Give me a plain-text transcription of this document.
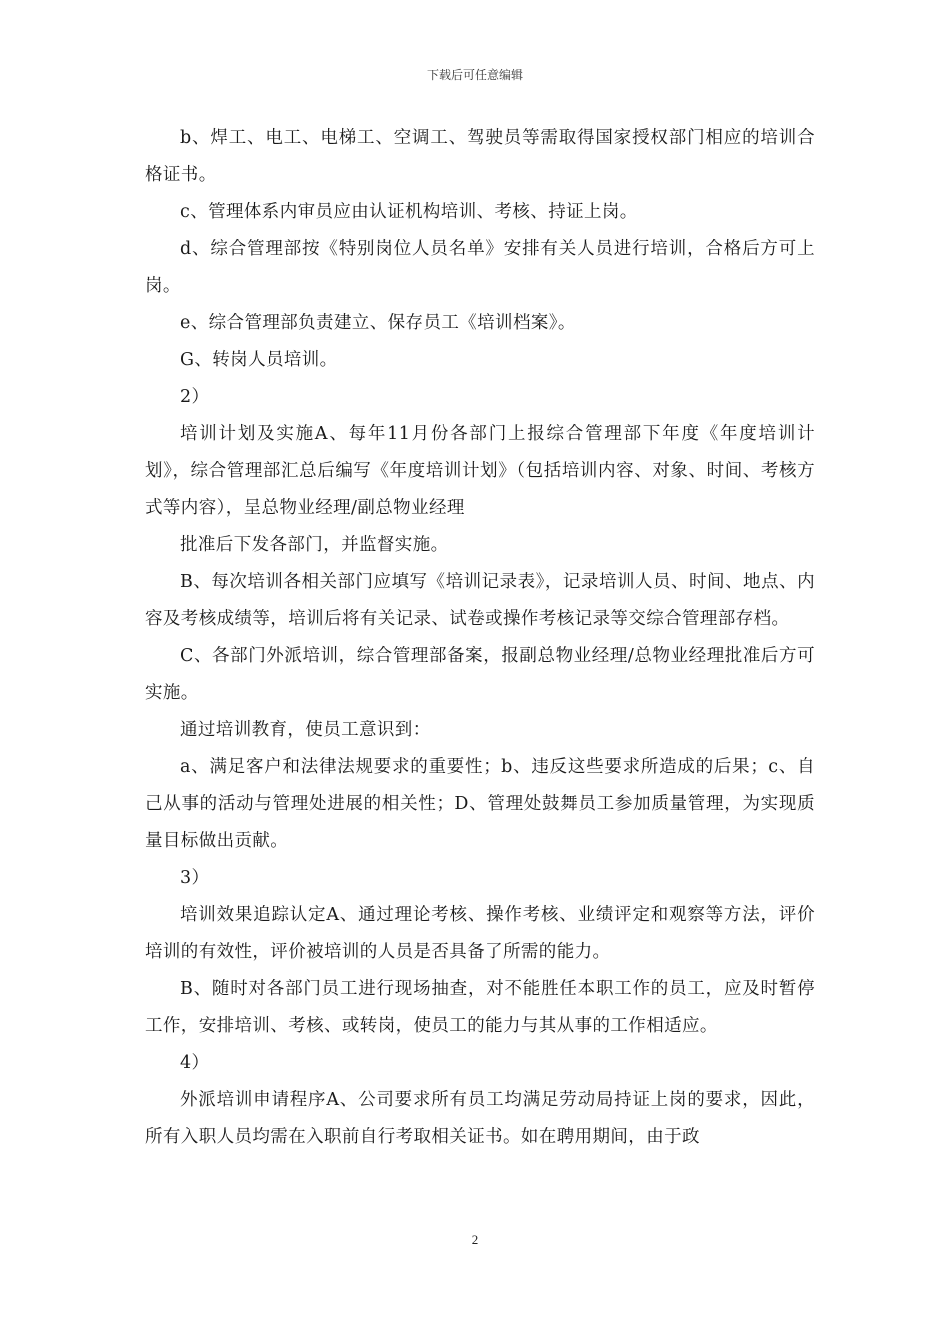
下载后可任意编辑

b、焊工、电工、电梯工、空调工、驾驶员等需取得国家授权部门相应的培训合格证书。

c、管理体系内审员应由认证机构培训、考核、持证上岗。

d、综合管理部按《特别岗位人员名单》安排有关人员进行培训，合格后方可上岗。

e、综合管理部负责建立、保存员工《培训档案》。

G、转岗人员培训。

2）

培训计划及实施A、每年11月份各部门上报综合管理部下年度《年度培训计划》，综合管理部汇总后编写《年度培训计划》（包括培训内容、对象、时间、考核方式等内容），呈总物业经理/副总物业经理

批准后下发各部门，并监督实施。

B、每次培训各相关部门应填写《培训记录表》，记录培训人员、时间、地点、内容及考核成绩等，培训后将有关记录、试卷或操作考核记录等交综合管理部存档。

C、各部门外派培训，综合管理部备案，报副总物业经理/总物业经理批准后方可实施。

通过培训教育，使员工意识到：

a、满足客户和法律法规要求的重要性；b、违反这些要求所造成的后果；c、自己从事的活动与管理处进展的相关性；D、管理处鼓舞员工参加质量管理，为实现质量目标做出贡献。

3）

培训效果追踪认定A、通过理论考核、操作考核、业绩评定和观察等方法，评价培训的有效性，评价被培训的人员是否具备了所需的能力。

B、随时对各部门员工进行现场抽查，对不能胜任本职工作的员工，应及时暂停工作，安排培训、考核、或转岗，使员工的能力与其从事的工作相适应。

4）

外派培训申请程序A、公司要求所有员工均满足劳动局持证上岗的要求，因此，所有入职人员均需在入职前自行考取相关证书。如在聘用期间，由于政

2
